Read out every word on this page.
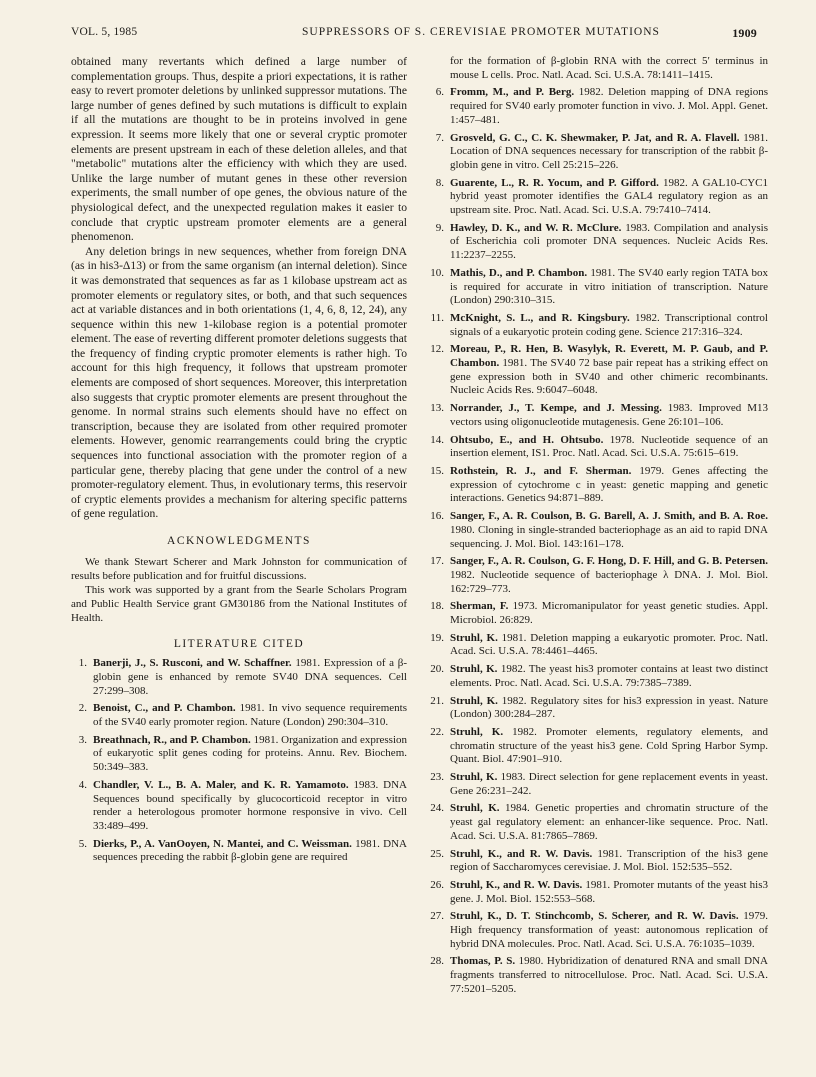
VOL. 5, 1985	SUPPRESSORS OF S. CEREVISIAE PROMOTER MUTATIONS	1909

obtained many revertants which defined a large number of complementation groups. Thus, despite a priori expectations, it is rather easy to revert promoter deletions by unlinked suppressor mutations. The large number of genes defined by such mutations is difficult to explain if all the mutations are thought to be in proteins involved in gene expression. It seems more likely that one or several cryptic promoter elements are present upstream in each of these deletion alleles, and that "metabolic" mutations alter the efficiency with which they are used. Unlike the large number of mutant genes in these other reversion experiments, the small number of ope genes, the obvious nature of the physiological defect, and the unexpected regulation makes it easier to conclude that cryptic upstream promoter elements are a general phenomenon.

Any deletion brings in new sequences, whether from foreign DNA (as in his3-Δ13) or from the same organism (an internal deletion). Since it was demonstrated that sequences as far as 1 kilobase upstream act as promoter elements or regulatory sites, or both, and that such sequences act at variable distances and in both orientations (1, 4, 6, 8, 12, 24), any sequence within this new 1-kilobase region is a potential promoter element. The ease of reverting different promoter deletions suggests that the frequency of finding cryptic promoter elements is rather high. To account for this high frequency, it follows that upstream promoter elements are composed of short sequences. Moreover, this interpretation also suggests that cryptic promoter elements are present throughout the genome. In normal strains such elements should have no effect on transcription, because they are isolated from other required promoter elements. However, genomic rearrangements could bring the cryptic sequences into functional association with the promoter region of a particular gene, thereby placing that gene under the control of a new promoter-regulatory element. Thus, in evolutionary terms, this reservoir of cryptic elements provides a mechanism for altering specific patterns of gene regulation.

ACKNOWLEDGMENTS

We thank Stewart Scherer and Mark Johnston for communication of results before publication and for fruitful discussions.

This work was supported by a grant from the Searle Scholars Program and Public Health Service grant GM30186 from the National Institutes of Health.

LITERATURE CITED
1. Banerji, J., S. Rusconi, and W. Schaffner. 1981. Expression of a β-globin gene is enhanced by remote SV40 DNA sequences. Cell 27:299–308.
2. Benoist, C., and P. Chambon. 1981. In vivo sequence requirements of the SV40 early promoter region. Nature (London) 290:304–310.
3. Breathnach, R., and P. Chambon. 1981. Organization and expression of eukaryotic split genes coding for proteins. Annu. Rev. Biochem. 50:349–383.
4. Chandler, V. L., B. A. Maler, and K. R. Yamamoto. 1983. DNA Sequences bound specifically by glucocorticoid receptor in vitro render a heterologous promoter hormone responsive in vivo. Cell 33:489–499.
5. Dierks, P., A. VanOoyen, N. Mantei, and C. Weissman. 1981. DNA sequences preceding the rabbit β-globin gene are required
for the formation of β-globin RNA with the correct 5′ terminus in mouse L cells. Proc. Natl. Acad. Sci. U.S.A. 78:1411–1415.
6. Fromm, M., and P. Berg. 1982. Deletion mapping of DNA regions required for SV40 early promoter function in vivo. J. Mol. Appl. Genet. 1:457–481.
7. Grosveld, G. C., C. K. Shewmaker, P. Jat, and R. A. Flavell. 1981. Location of DNA sequences necessary for transcription of the rabbit β-globin gene in vitro. Cell 25:215–226.
8. Guarente, L., R. R. Yocum, and P. Gifford. 1982. A GAL10-CYC1 hybrid yeast promoter identifies the GAL4 regulatory region as an upstream site. Proc. Natl. Acad. Sci. U.S.A. 79:7410–7414.
9. Hawley, D. K., and W. R. McClure. 1983. Compilation and analysis of Escherichia coli promoter DNA sequences. Nucleic Acids Res. 11:2237–2255.
10. Mathis, D., and P. Chambon. 1981. The SV40 early region TATA box is required for accurate in vitro initiation of transcription. Nature (London) 290:310–315.
11. McKnight, S. L., and R. Kingsbury. 1982. Transcriptional control signals of a eukaryotic protein coding gene. Science 217:316–324.
12. Moreau, P., R. Hen, B. Wasylyk, R. Everett, M. P. Gaub, and P. Chambon. 1981. The SV40 72 base pair repeat has a striking effect on gene expression both in SV40 and other chimeric recombinants. Nucleic Acids Res. 9:6047–6048.
13. Norrander, J., T. Kempe, and J. Messing. 1983. Improved M13 vectors using oligonucleotide mutagenesis. Gene 26:101–106.
14. Ohtsubo, E., and H. Ohtsubo. 1978. Nucleotide sequence of an insertion element, IS1. Proc. Natl. Acad. Sci. U.S.A. 75:615–619.
15. Rothstein, R. J., and F. Sherman. 1979. Genes affecting the expression of cytochrome c in yeast: genetic mapping and genetic interactions. Genetics 94:871–889.
16. Sanger, F., A. R. Coulson, B. G. Barell, A. J. Smith, and B. A. Roe. 1980. Cloning in single-stranded bacteriophage as an aid to rapid DNA sequencing. J. Mol. Biol. 143:161–178.
17. Sanger, F., A. R. Coulson, G. F. Hong, D. F. Hill, and G. B. Petersen. 1982. Nucleotide sequence of bacteriophage λ DNA. J. Mol. Biol. 162:729–773.
18. Sherman, F. 1973. Micromanipulator for yeast genetic studies. Appl. Microbiol. 26:829.
19. Struhl, K. 1981. Deletion mapping a eukaryotic promoter. Proc. Natl. Acad. Sci. U.S.A. 78:4461–4465.
20. Struhl, K. 1982. The yeast his3 promoter contains at least two distinct elements. Proc. Natl. Acad. Sci. U.S.A. 79:7385–7389.
21. Struhl, K. 1982. Regulatory sites for his3 expression in yeast. Nature (London) 300:284–287.
22. Struhl, K. 1982. Promoter elements, regulatory elements, and chromatin structure of the yeast his3 gene. Cold Spring Harbor Symp. Quant. Biol. 47:901–910.
23. Struhl, K. 1983. Direct selection for gene replacement events in yeast. Gene 26:231–242.
24. Struhl, K. 1984. Genetic properties and chromatin structure of the yeast gal regulatory element: an enhancer-like sequence. Proc. Natl. Acad. Sci. U.S.A. 81:7865–7869.
25. Struhl, K., and R. W. Davis. 1981. Transcription of the his3 gene region of Saccharomyces cerevisiae. J. Mol. Biol. 152:535–552.
26. Struhl, K., and R. W. Davis. 1981. Promoter mutants of the yeast his3 gene. J. Mol. Biol. 152:553–568.
27. Struhl, K., D. T. Stinchcomb, S. Scherer, and R. W. Davis. 1979. High frequency transformation of yeast: autonomous replication of hybrid DNA molecules. Proc. Natl. Acad. Sci. U.S.A. 76:1035–1039.
28. Thomas, P. S. 1980. Hybridization of denatured RNA and small DNA fragments transferred to nitrocellulose. Proc. Natl. Acad. Sci. U.S.A. 77:5201–5205.
